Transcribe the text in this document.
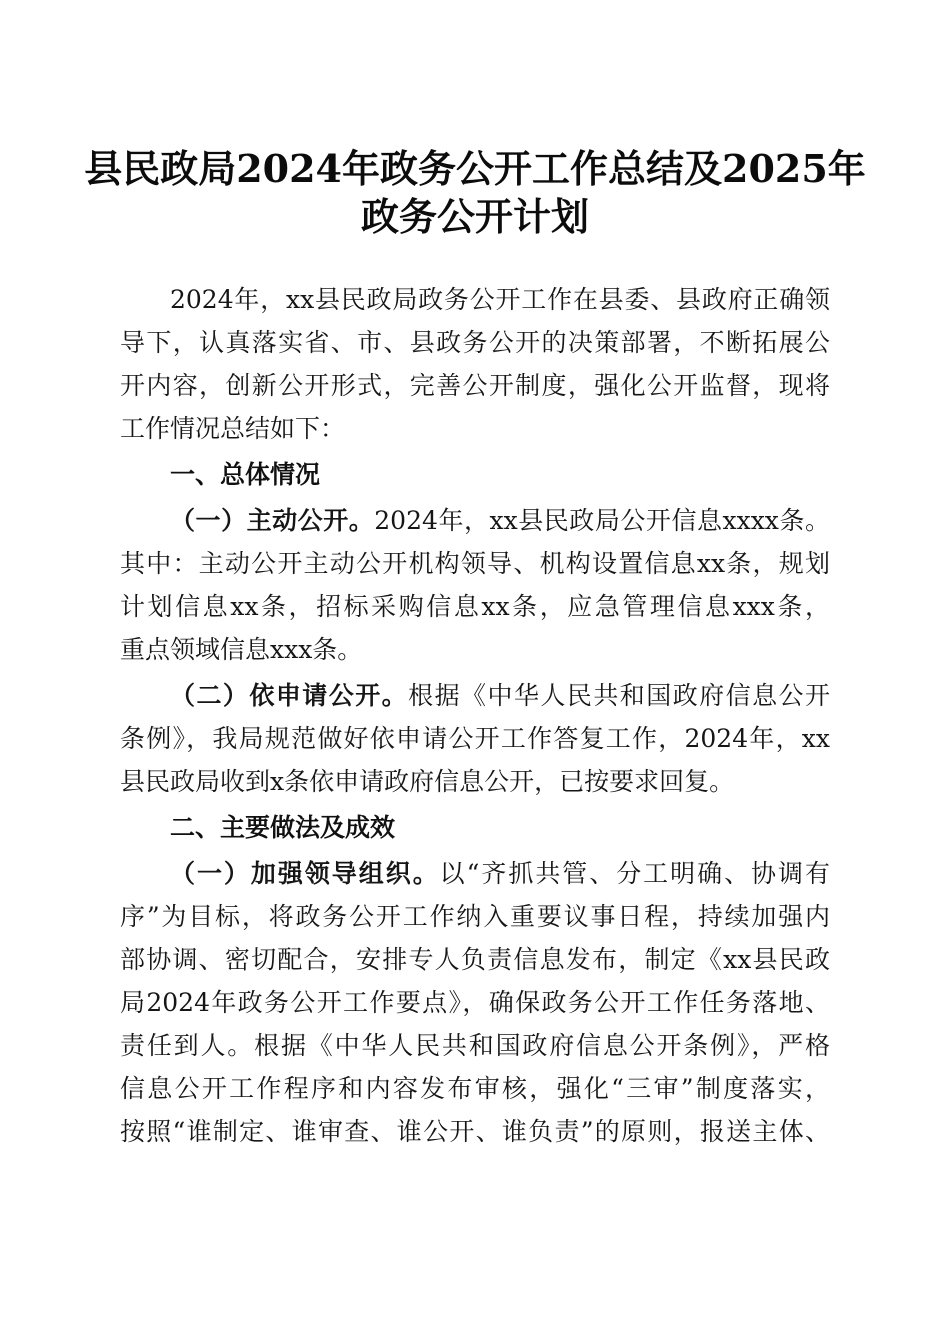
县民政局2024年政务公开工作总结及2025年
政务公开计划
2024年，xx县民政局政务公开工作在县委、县政府正确领
导下，认真落实省、市、县政务公开的决策部署，不断拓展公
开内容，创新公开形式，完善公开制度，强化公开监督，现将
工作情况总结如下：
一、总体情况
（一）主动公开。2024年，xx县民政局公开信息xxxx条。
其中：主动公开主动公开机构领导、机构设置信息xx条，规划
计划信息xx条，招标采购信息xx条，应急管理信息xxx条，
重点领域信息xxx条。
（二）依申请公开。根据《中华人民共和国政府信息公开
条例》，我局规范做好依申请公开工作答复工作，2024年，xx
县民政局收到x条依申请政府信息公开，已按要求回复。
二、主要做法及成效
（一）加强领导组织。以“齐抓共管、分工明确、协调有
序”为目标，将政务公开工作纳入重要议事日程，持续加强内
部协调、密切配合，安排专人负责信息发布，制定《xx县民政
局2024年政务公开工作要点》，确保政务公开工作任务落地、
责任到人。根据《中华人民共和国政府信息公开条例》，严格
信息公开工作程序和内容发布审核，强化“三审”制度落实，
按照“谁制定、谁审查、谁公开、谁负责”的原则，报送主体、
